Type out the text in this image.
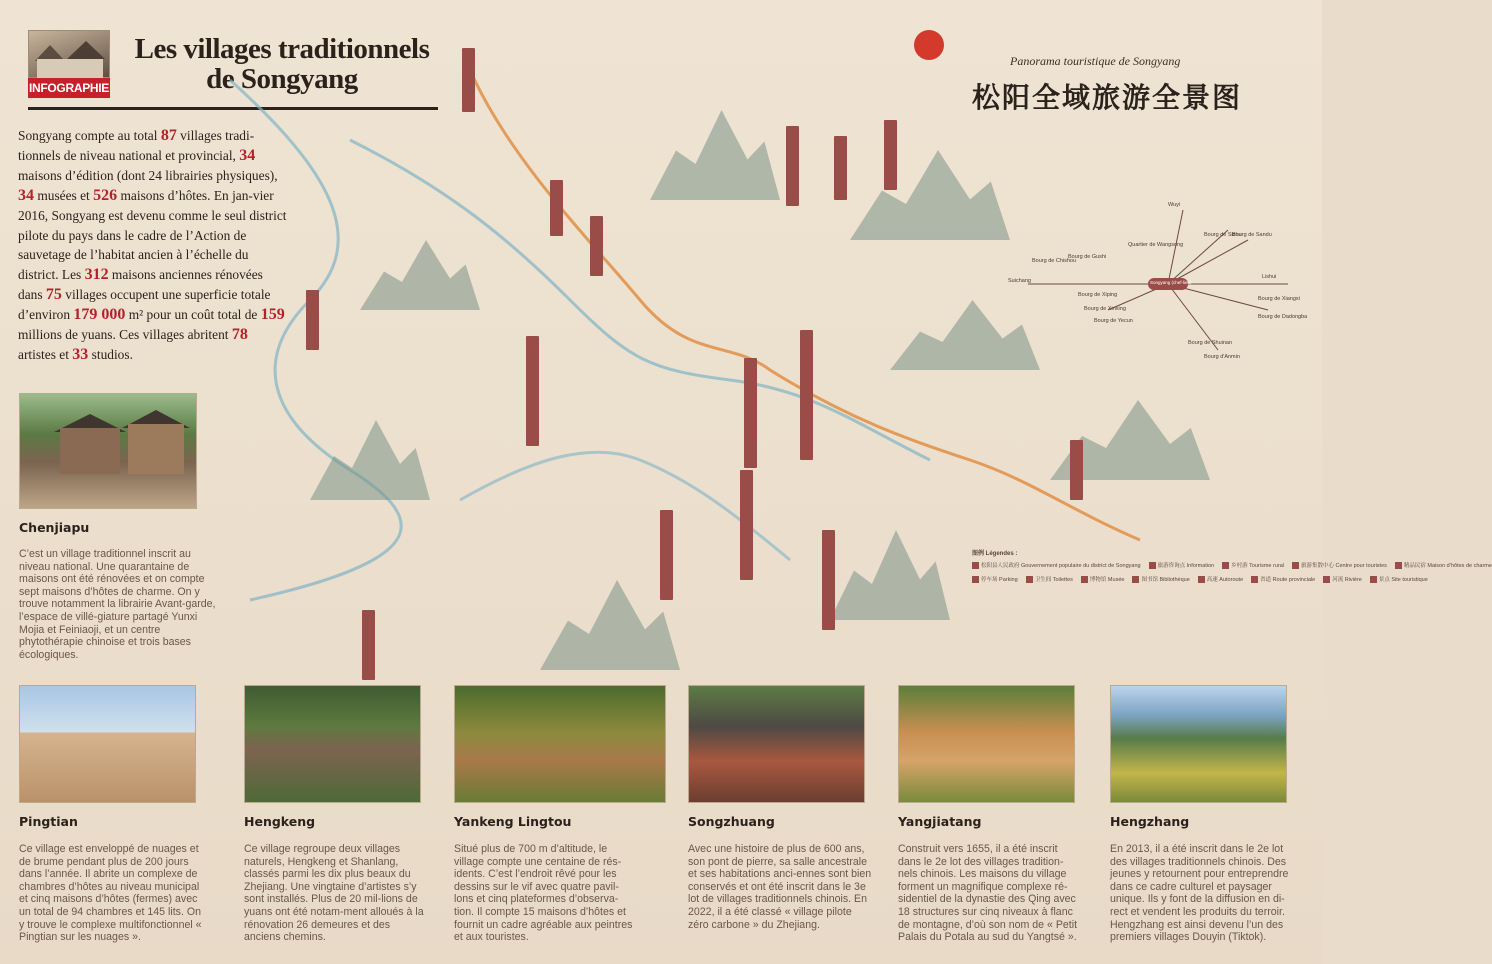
INFOGRAPHIE
Les villages traditionnels
de Songyang
Songyang compte au total 87 villages tradi-tionnels de niveau national et provincial, 34 maisons d’édition (dont 24 librairies physiques), 34 musées et 526 maisons d’hôtes. En jan-vier 2016, Songyang est devenu comme le seul district pilote du pays dans le cadre de l’Action de sauvetage de l’habitat ancien à l’échelle du district. Les 312 maisons anciennes rénovées dans 75 villages occupent une superficie totale d’environ 179 000 m² pour un coût total de 159 millions de yuans. Ces villages abritent 78 artistes et 33 studios.
Chenjiapu
C’est un village traditionnel inscrit au niveau national. Une quarantaine de maisons ont été rénovées et on compte sept maisons d’hôtes de charme. On y trouve notamment la librairie Avant-garde, l’espace de villé-giature partagé Yunxi Mojia et Feiniaoji, et un centre phytothérapie chinoise et trois bases écologiques.
Panorama touristique de Songyang
松阳全域旅游全景图
Songyang (chef-lieu)
Wuyi
Quartier de Wangsong
Bourg de Sizhu
Bourg de Sandu
Bourg de Chishou
Bourg de Gushi
Suichang
Bourg de Xiping
Lishui
Bourg de Xiangxi
Bourg de Dadongba
Bourg de Xinxing
Bourg de Yecun
Bourg d'Anmin
Bourg de Shuinan
图例 Légendes :
松阳县人民政府 Gouvernement populaire du district de Songyang	旅游咨询点 Information	乡村游 Tourisme rural	旅游集散中心 Centre pour touristes	精品民宿 Maison d’hôtes de charme
停车场 Parking	卫生间 Toilettes	博物馆 Musée	图书馆 Bibliothèque	高速 Autoroute	省道 Route provinciale	河流 Rivière	景点 Site touristique
Pingtian	Hengkeng	Yankeng Lingtou	Songzhuang	Yangjiatang	Hengzhang
Ce village est enveloppé de nuages et de brume pendant plus de 200 jours dans l’année. Il abrite un complexe de chambres d’hôtes au niveau municipal et cinq maisons d’hôtes (fermes) avec un total de 94 chambres et 145 lits. On y trouve le complexe multifonctionnel « Pingtian sur les nuages ».
Ce village regroupe deux villages naturels, Hengkeng et Shanlang, classés parmi les dix plus beaux du Zhejiang. Une vingtaine d’artistes s’y sont installés. Plus de 20 mil-lions de yuans ont été notam-ment alloués à la rénovation 26 demeures et des anciens chemins.
Situé plus de 700 m d’altitude, le village compte une centaine de rés-idents. C’est l’endroit rêvé pour les dessins sur le vif avec quatre pavil-lons et cinq plateformes d’observa-tion. Il compte 15 maisons d’hôtes et fournit un cadre agréable aux peintres et aux touristes.
Avec une histoire de plus de 600 ans, son pont de pierre, sa salle ancestrale et ses habitations anci-ennes sont bien conservés et ont été inscrit dans le 3e lot de villages traditionnels chinois. En 2022, il a été classé « village pilote zéro carbone » du Zhejiang.
Construit vers 1655, il a été inscrit dans le 2e lot des villages tradition-nels chinois. Les maisons du village forment un magnifique complexe ré-sidentiel de la dynastie des Qing avec 18 structures sur cinq niveaux à flanc de montagne, d’où son nom de « Petit Palais du Potala au sud du Yangtsé ».
En 2013, il a été inscrit dans le 2e lot des villages traditionnels chinois. Des jeunes y retournent pour entreprendre dans ce cadre culturel et paysager unique. Ils y font de la diffusion en di-rect et vendent les produits du terroir. Hengzhang est ainsi devenu l’un des premiers villages Douyin (Tiktok).
